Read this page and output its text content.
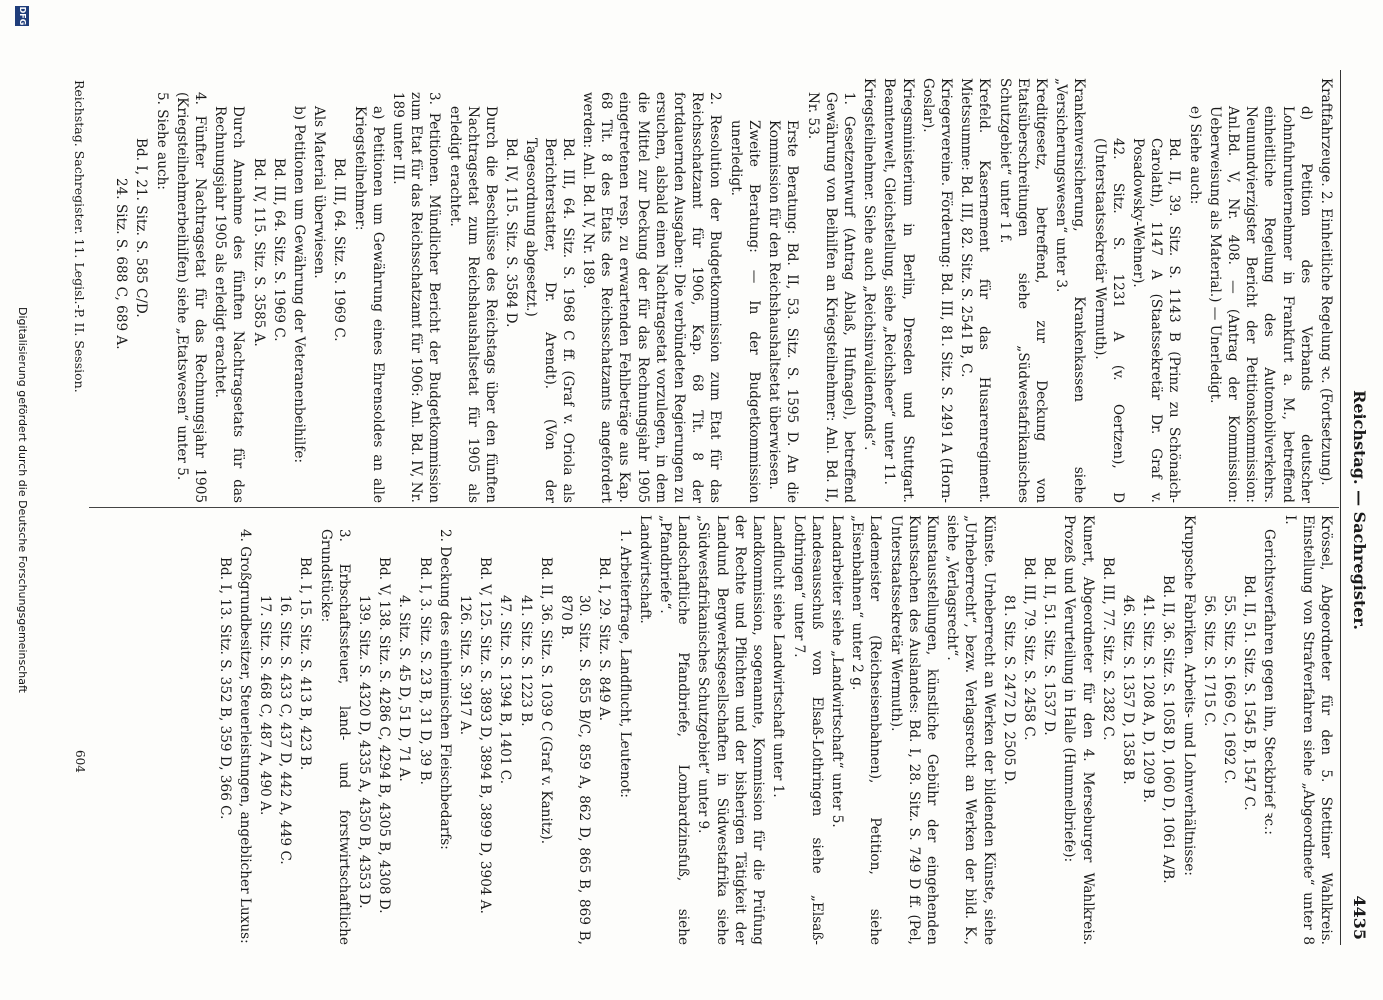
Reichstag. — Sachregister.
4435

Kraftfahrzeuge. 2. Einheitliche Regelung ꝛc. (Fortsetzung).

d) Petition des Verbands deutscher Lohnfuhrunternehmer in Frankfurt a. M., betreffend einheitliche Regelung des Automobilverkehrs. Neunundvierzigster Bericht der Petitionskommission: Anl.Bd. V, Nr. 408. — (Antrag der Kommission: Ueberweisung als Material.) — Unerledigt.

e) Siehe auch:

Bd. II, 39. Sitz. S. 1143 B (Prinz zu Schönaich-Carolath), 1147 A (Staatssekretär Dr. Graf v. Posadowsky-Wehner).

42. Sitz. S. 1231 A (v. Oertzen), D (Unterstaatssekretär Wermuth).

Krankenversicherung, Krankenkassen siehe „Versicherungswesen“ unter 3.

Kreditgesetz, betreffend, zur Deckung von Etatsüberschreitungen siehe „Südwestafrikanisches Schutzgebiet“ unter 1 f.

Krefeld. Kasernement für das Husarenregiment. Mietssumme: Bd. III, 82. Sitz. S. 2541 B, C.

Kriegervereine. Förderung: Bd. III, 81. Sitz. S. 2491 A (Horn-Goslar).

Kriegsministerium in Berlin, Dresden und Stuttgart. Beamtenwelt, Gleichstellung, siehe „Reichsheer“ unter 11.

Kriegsteilnehmer. Siehe auch „Reichsinvalidenfonds“.

1. Gesetzentwurf (Antrag Ablaß, Hufnagel), betreffend Gewährung von Beihilfen an Kriegsteilnehmer: Anl. Bd. II, Nr. 53.

Erste Beratung: Bd. II, 53. Sitz. S. 1595 D. An die Kommission für den Reichshaushaltsetat überwiesen.

Zweite Beratung: — In der Budgetkommission unerledigt.

2. Resolution der Budgetkommission zum Etat für das Reichsschatzamt für 1906, Kap. 68 Tit. 8 der fortdauernden Ausgaben: Die verbündeten Regierungen zu ersuchen, alsbald einen Nachtragsetat vorzulegen, in dem die Mittel zur Deckung der für das Rechnungsjahr 1905 eingetretenen resp. zu erwartenden Fehlbeträge aus Kap. 68 Tit. 8 des Etats des Reichsschatzamts angefordert werden: Anl. Bd. IV, Nr. 189.

Bd. III, 64. Sitz. S. 1968 C ff. (Graf v. Oriola als Berichterstatter, Dr. Arendt). (Von der Tagesordnung abgesetzt.)

Bd. IV, 115. Sitz. S. 3584 D.

Durch die Beschlüsse des Reichstags über den fünften Nachtragsetat zum Reichshaushaltsetat für 1905 als erledigt erachtet.

3. Petitionen. Mündlicher Bericht der Budgetkommission zum Etat für das Reichsschatzamt für 1906: Anl. Bd. IV, Nr. 189 unter III.

a) Petitionen um Gewährung eines Ehrensoldes an alle Kriegsteilnehmer:

Bd. III, 64. Sitz. S. 1969 C.

Als Material überwiesen.

b) Petitionen um Gewährung der Veteranenbeihilfe:

Bd. III, 64. Sitz. S. 1969 C.

Bd. IV, 115. Sitz. S. 3585 A.

Durch Annahme des fünften Nachtragsetats für das Rechnungsjahr 1905 als erledigt erachtet.

4. Fünfter Nachtragsetat für das Rechnungsjahr 1905 (Kriegsteilnehmerbeihilfen) siehe „Etatswesen“ unter 5.

5. Siehe auch:

Bd. I, 21. Sitz. S. 585 C/D.

24. Sitz. S. 688 C, 689 A.

Krössel, Abgeordneter für den 5. Stettiner Wahlkreis. Einstellung von Strafverfahren siehe „Abgeordnete“ unter 8 I.

Gerichtsverfahren gegen ihn, Steckbrief ꝛc.:

Bd. II, 51. Sitz. S. 1545 B, 1547 C.

55. Sitz. S. 1669 C, 1692 C.

56. Sitz. S. 1715 C.

Kruppsche Fabriken. Arbeits- und Lohnverhältnisse:

Bd. II, 36. Sitz. S. 1058 D, 1060 D, 1061 A/B.

41. Sitz. S. 1208 A, D, 1209 B.

46. Sitz. S. 1357 D, 1358 B.

Bd. III, 77. Sitz. S. 2382 C.

Kunert, Abgeordneter für den 4. Merseburger Wahlkreis. Prozeß und Verurteilung in Halle (Hummelbriefe):

Bd. II, 51. Sitz. S. 1537 D.

Bd. III, 79. Sitz. S. 2458 C.

81. Sitz. S. 2472 D, 2505 D.

Künste. Urheberrecht an Werken der bildenden Künste, siehe „Urheberrecht“, bezw. Verlagsrecht an Werken der bild. K., siehe „Verlagsrecht“.

Kunstausstellungen, künstliche Gebühr der eingehenden Kunstsachen des Auslandes: Bd. I, 28. Sitz. S. 749 D ff. (Pel, Unterstaatssekretär Wermuth).

Lademeister (Reichseisenbahnen), Petition, siehe „Eisenbahnen“ unter 2 g.

Landarbeiter siehe „Landwirtschaft“ unter 5.

Landesausschuß von Elsaß-Lothringen siehe „Elsaß-Lothringen“ unter 7.

Landflucht siehe Landwirtschaft unter 1.

Landkommission, sogenannte, Kommission für die Prüfung der Rechte und Pflichten und der bisherigen Tätigkeit der Landund Bergwerksgesellschaften in Südwestafrika siehe „Südwestafrikanisches Schutzgebiet“ unter 9.

Landschaftliche Pfandbriefe, Lombardzinsfuß, siehe „Pfandbriefe“.

Landwirtschaft.

1. Arbeiterfrage, Landflucht, Leutenot:

Bd. I, 29. Sitz. S. 849 A.

30. Sitz. S. 855 B/C, 859 A, 862 D, 865 B, 869 B, 870 B.

Bd. II, 36. Sitz. S. 1039 C (Graf v. Kanitz).

41. Sitz. S. 1223 B.

47. Sitz. S. 1394 B, 1401 C.

Bd. V, 125. Sitz. S. 3893 D, 3894 B, 3899 D, 3904 A.

126. Sitz. S. 3917 A.

2. Deckung des einheimischen Fleischbedarfs:

Bd. I, 3. Sitz. S. 23 B, 31 D, 39 B.

4. Sitz. S. 45 D, 51 D, 71 A.

Bd. V, 138. Sitz. S. 4286 C, 4294 B, 4305 B, 4308 D.

139. Sitz. S. 4320 D, 4335 A, 4350 B, 4353 D.

3. Erbschaftssteuer, land- und forstwirtschaftliche Grundstücke:

Bd. I, 15. Sitz. S. 413 B, 423 B.

16. Sitz. S. 433 C, 437 D, 442 A, 449 C.

17. Sitz. S. 468 C, 487 A, 490 A.

4. Großgrundbesitzer, Steuerleistungen, angeblicher Luxus:

Bd. I, 13. Sitz. S. 352 B, 359 D, 366 C.

Reichstag. Sachregister. 11. Legisl.-P. II. Session.
604
DFG
Digitalisierung gefördert durch die Deutsche Forschungsgemeinschaft
